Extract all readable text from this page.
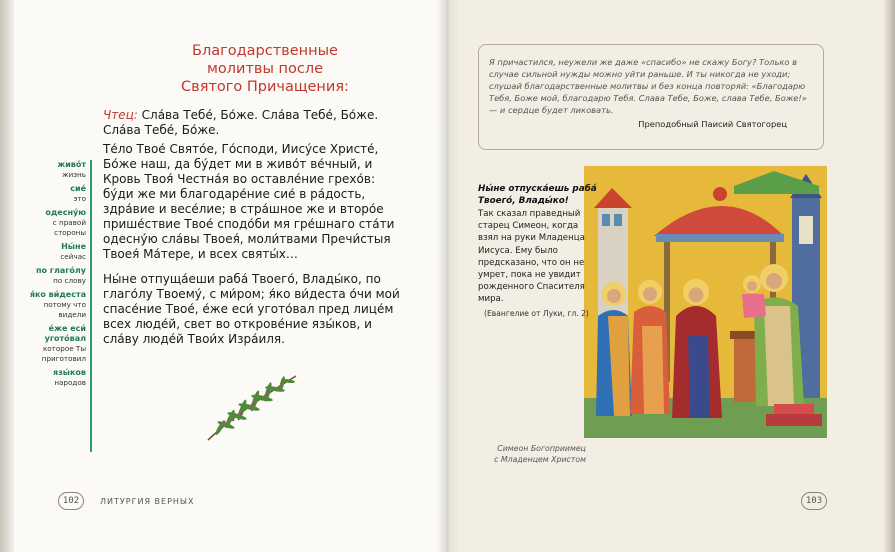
Благодарственные
молитвы после
Святого Причащения:
Чтец: Сла́ва Тебе́, Бо́же. Сла́ва Тебе́, Бо́же. Сла́ва Тебе́, Бо́же.
Те́ло Твое́ Свято́е, Го́споди, Иису́се Христе́, Бо́же наш, да бу́дет ми в живо́т ве́чный, и Кровь Твоя́ Честна́я во оставле́ние грехо́в: бу́ди же ми благодаре́ние сие́ в ра́дость, здра́вие и весе́лие; в стра́шное же и второ́е прише́ствие Твое́ сподо́би мя гре́шнаго ста́ти одесну́ю сла́вы Твоея́, моли́твами Пречи́стыя Твоея́ Ма́тере, и всех святы́х…
Ны́не отпуща́еши раба́ Твоего́, Влады́ко, по глаго́лу Твоему́, с ми́ром; я́ко ви́деста о́чи мои́ спасе́ние Твое́, е́же еси́ угото́вал пред лице́м всех люде́й, свет во открове́ние язы́ков, и сла́ву люде́й Твои́х Изра́иля.
живо́т
жизнь
сие́
это
одесну́ю
с правой стороны
Ны́не
сейчас
по глаго́лу
по слову
я́ко ви́деста
потому что видели
е́же еси́ угото́вал
которое Ты приготовил
язы́ков
народов
102	ЛИТУРГИЯ ВЕРНЫХ
Я причастился, неужели же даже «спасибо» не скажу Богу? Только в случае сильной нужды можно уйти раньше. И ты никогда не уходи; слушай благодарственные молитвы и без конца повторяй: «Благодарю Тебя, Боже мой, благодарю Тебя. Слава Тебе, Боже, слава Тебе, Боже!» — и сердце будет ликовать.
Преподобный Паисий Святогорец
Ны́не отпуска́ешь раба́ Твоего́, Влады́ко!
Так сказал праведный старец Симеон, когда взял на руки Младенца Иисуса. Ему было предсказано, что он не умрет, пока не увидит рожденного Спасителя мира.
(Евангелие от Луки, гл. 2)
Симеон Богоприимец
с Младенцем Христом
103
